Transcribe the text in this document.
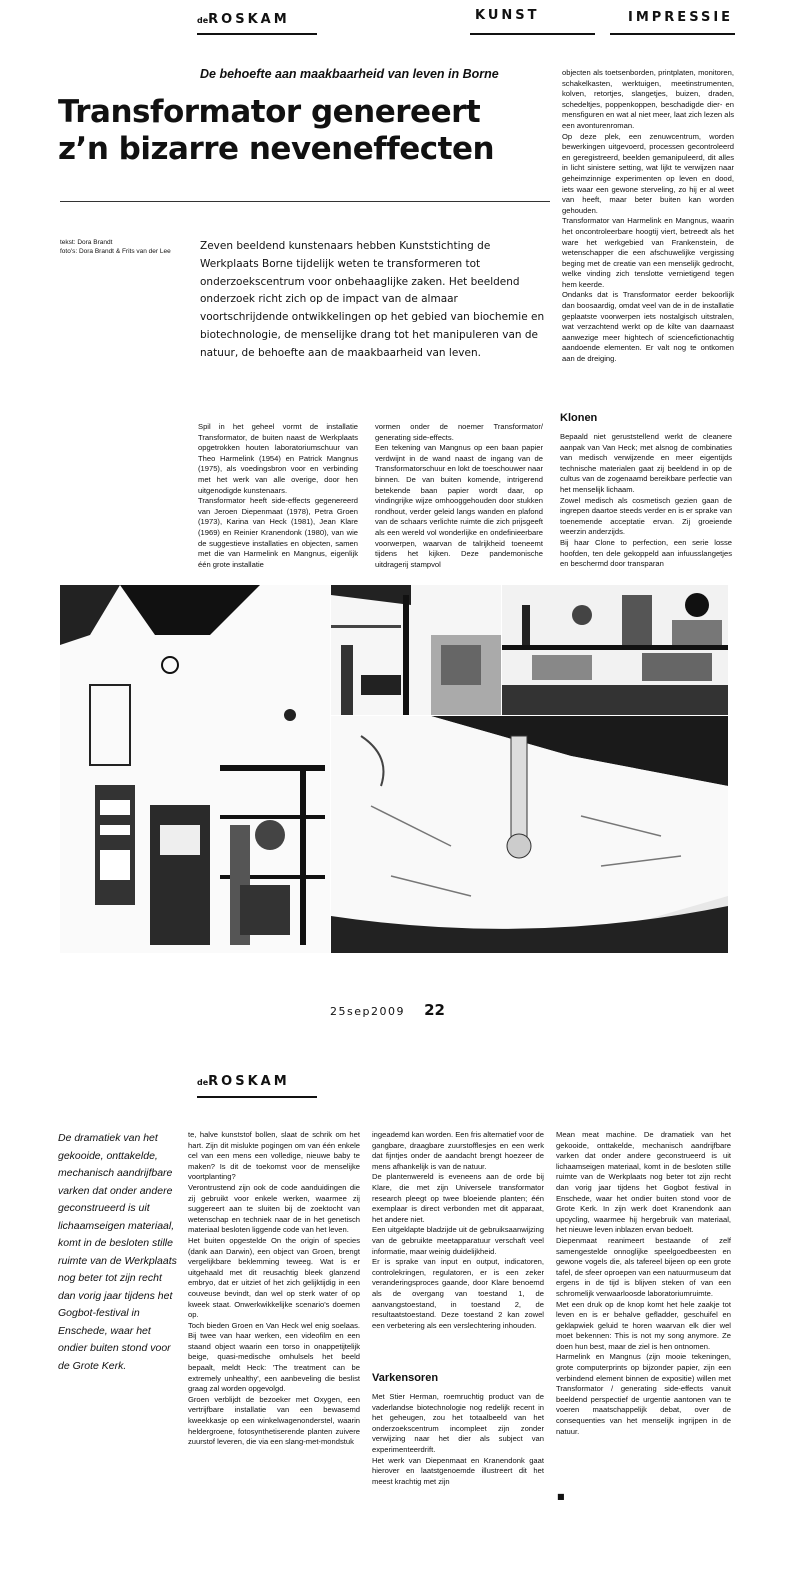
deROSKAM	KUNST	IMPRESSIE
De behoefte aan maakbaarheid van leven in Borne
Transformator genereert
z’n bizarre neveneffecten
tekst: Dora Brandt
foto's: Dora Brandt & Frits van der Lee	Zeven beeldend kunstenaars hebben Kunststichting de Werkplaats Borne tijdelijk weten te transformeren tot onderzoekscentrum voor onbehaaglijke zaken. Het beeldend onderzoek richt zich op de impact van de almaar voortschrijdende ontwikkelingen op het gebied van biochemie en biotechnologie, de menselijke drang tot het manipuleren van de natuur, de behoefte aan de maakbaarheid van leven.

objecten als toetsenborden, printplaten, monitoren, schakelkasten, werktuigen, meetinstrumenten, kolven, retortjes, slangetjes, buizen, draden, schedeltjes, poppenkoppen, beschadigde dier- en mensfiguren en wat al niet meer, laat zich lezen als een avonturenroman.

Op deze plek, een zenuwcentrum, worden bewerkingen uitgevoerd, processen gecontroleerd en geregistreerd, beelden gemanipuleerd, dit alles in licht sinistere setting, wat lijkt te verwijzen naar geheimzinnige experimenten op leven en dood, iets waar een gewone sterveling, zo hij er al weet van heeft, maar beter buiten kan worden gehouden.

Transformator van Harmelink en Mangnus, waarin het oncontroleerbare hoogtij viert, betreedt als het ware het werkgebied van Frankenstein, de wetenschapper die een afschuwelijke vergissing beging met de creatie van een menselijk gedrocht, welke vinding zich tenslotte vernietigend tegen hem keerde.

Ondanks dat is Transformator eerder bekoorlijk dan boosaardig, omdat veel van de in de installatie geplaatste voorwerpen iets nostalgisch uitstralen, wat verzachtend werkt op de kilte van daarnaast aanwezige meer hightech of sciencefictionachtig aandoende elementen. Er valt nog te ontkomen aan de dreiging.

Spil in het geheel vormt de installatie Transformator, de buiten naast de Werkplaats opgetrokken houten laboratoriumschuur van Theo Harmelink (1954) en Patrick Mangnus (1975), als voedingsbron voor en verbinding met het werk van alle overige, door hen uitgenodigde kunstenaars.

Transformator heeft side-effects gegenereerd van Jeroen Diepenmaat (1978), Petra Groen (1973), Karina van Heck (1981), Jean Klare (1969) en Reinier Kranendonk (1980), van wie de suggestieve installaties en objecten, samen met die van Harmelink en Mangnus, eigenlijk één grote installatie

vormen onder de noemer Transformator/ generating side-effects.

Een tekening van Mangnus op een baan papier verdwijnt in de wand naast de ingang van de Transformatorschuur en lokt de toeschouwer naar binnen. De van buiten komende, intrigerend betekende baan papier wordt daar, op vindingrijke wijze omhooggehouden door stukken rondhout, verder geleid langs wanden en plafond van de schaars verlichte ruimte die zich prijsgeeft als een wereld vol wonderlijke en ondefinieerbare voorwerpen, waarvan de talrijkheid toeneemt tijdens het kijken. Deze pandemonische uitdragerij stampvol

Klonen

Bepaald niet geruststellend werkt de cleanere aanpak van Van Heck; met alsnog de combinaties van medisch verwijzende en meer eigentijds technische materialen gaat zij beeldend in op de cultus van de zogenaamd bereikbare perfectie van het menselijk lichaam.

Zowel medisch als cosmetisch gezien gaan de ingrepen daartoe steeds verder en is er sprake van toenemende acceptatie ervan. Zij groeiende weerzin anderzijds.

Bij haar Clone to perfection, een serie losse hoofden, ten dele gekoppeld aan infuusslangetjes en beschermd door transparan

25sep2009 22
deROSKAM
De dramatiek van het gekooide, onttakelde, mechanisch aandrijfbare varken dat onder andere geconstrueerd is uit lichaamseigen materiaal, komt in de besloten stille ruimte van de Werkplaats nog beter tot zijn recht dan vorig jaar tijdens het Gogbot-festival in Enschede, waar het ondier buiten stond voor de Grote Kerk.

te, halve kunststof bollen, slaat de schrik om het hart. Zijn dit mislukte pogingen om van één enkele cel van een mens een volledige, nieuwe baby te maken? Is dit de toekomst voor de menselijke voortplanting?

Verontrustend zijn ook de code aanduidingen die zij gebruikt voor enkele werken, waarmee zij suggereert aan te sluiten bij de zoektocht van wetenschap en techniek naar de in het genetisch materiaal besloten liggende code van het leven.

Het buiten opgestelde On the origin of species (dank aan Darwin), een object van Groen, brengt vergelijkbare beklemming teweeg. Wat is er uitgehaald met dit reusachtig bleek glanzend embryo, dat er uitziet of het zich gelijktijdig in een couveuse bevindt, dan wel op sterk water of op kweek staat. Onwerkwikkelijke scenario's doemen op.

Toch bieden Groen en Van Heck wel enig soelaas. Bij twee van haar werken, een videofilm en een staand object waarin een torso in onappetijtelijk beige, quasi-medische omhulsels het beeld bepaalt, meldt Heck: 'The treatment can be extremely unhealthy', een aanbeveling die beslist graag zal worden opgevolgd.

Groen verblijdt de bezoeker met Oxygen, een vertrijfbare installatie van een bewasemd kweekkasje op een winkelwagenonderstel, waarin heldergroene, fotosynthetiserende planten zuivere zuurstof leveren, die via een slang-met-mondstuk

ingeademd kan worden. Een fris alternatief voor de gangbare, draagbare zuurstofflesjes en een werk dat fijntjes onder de aandacht brengt hoezeer de mens afhankelijk is van de natuur.

De plantenwereld is eveneens aan de orde bij Klare, die met zijn Universele transformator research pleegt op twee bloeiende planten; één exemplaar is direct verbonden met dit apparaat, het andere niet.

Een uitgeklapte bladzijde uit de gebruiksaanwijzing van de gebruikte meetapparatuur verschaft veel informatie, maar weinig duidelijkheid.

Er is sprake van input en output, indicatoren, controlekringen, regulatoren, er is een zeker veranderingsproces gaande, door Klare benoemd als de overgang van toestand 1, de aanvangstoestand, in toestand 2, de resultaatstoestand. Deze toestand 2 kan zowel een verbetering als een verslechtering inhouden.

Varkensoren

Met Stier Herman, roemruchtig product van de vaderlandse biotechnologie nog redelijk recent in het geheugen, zou het totaalbeeld van het onderzoekscentrum incompleet zijn zonder verwijzing naar het dier als subject van experimenteerdrift.

Het werk van Diepenmaat en Kranendonk gaat hierover en laatstgenoemde illustreert dit het meest krachtig met zijn

Mean meat machine. De dramatiek van het gekooide, onttakelde, mechanisch aandrijfbare varken dat onder andere geconstrueerd is uit lichaamseigen materiaal, komt in de besloten stille ruimte van de Werkplaats nog beter tot zijn recht dan vorig jaar tijdens het Gogbot festival in Enschede, waar het ondier buiten stond voor de Grote Kerk. In zijn werk doet Kranendonk aan upcycling, waarmee hij hergebruik van materiaal, het nieuwe leven inblazen ervan bedoelt.

Diepenmaat reanimeert bestaande of zelf samengestelde onnoglijke speelgoedbeesten en gewone vogels die, als tafereel bijeen op een grote tafel, de sfeer oproepen van een natuurmuseum dat ergens in de tijd is blijven steken of van een schromelijk verwaarloosde laboratoriumruimte.

Met een druk op de knop komt het hele zaakje tot leven en is er behalve gefladder, geschuifel en geklapwiek geluid te horen waarvan elk dier wel moet bekennen: This is not my song anymore. Ze doen hun best, maar de ziel is hen ontnomen.

Harmelink en Mangnus (zijn mooie tekeningen, grote computerprints op bijzonder papier, zijn een verbindend element binnen de expositie) willen met Transformator / generating side-effects vanuit beeldend perspectief de urgentie aantonen van te voeren maatschappelijk debat, over de consequenties van het menselijk ingrijpen in de natuur.

■
